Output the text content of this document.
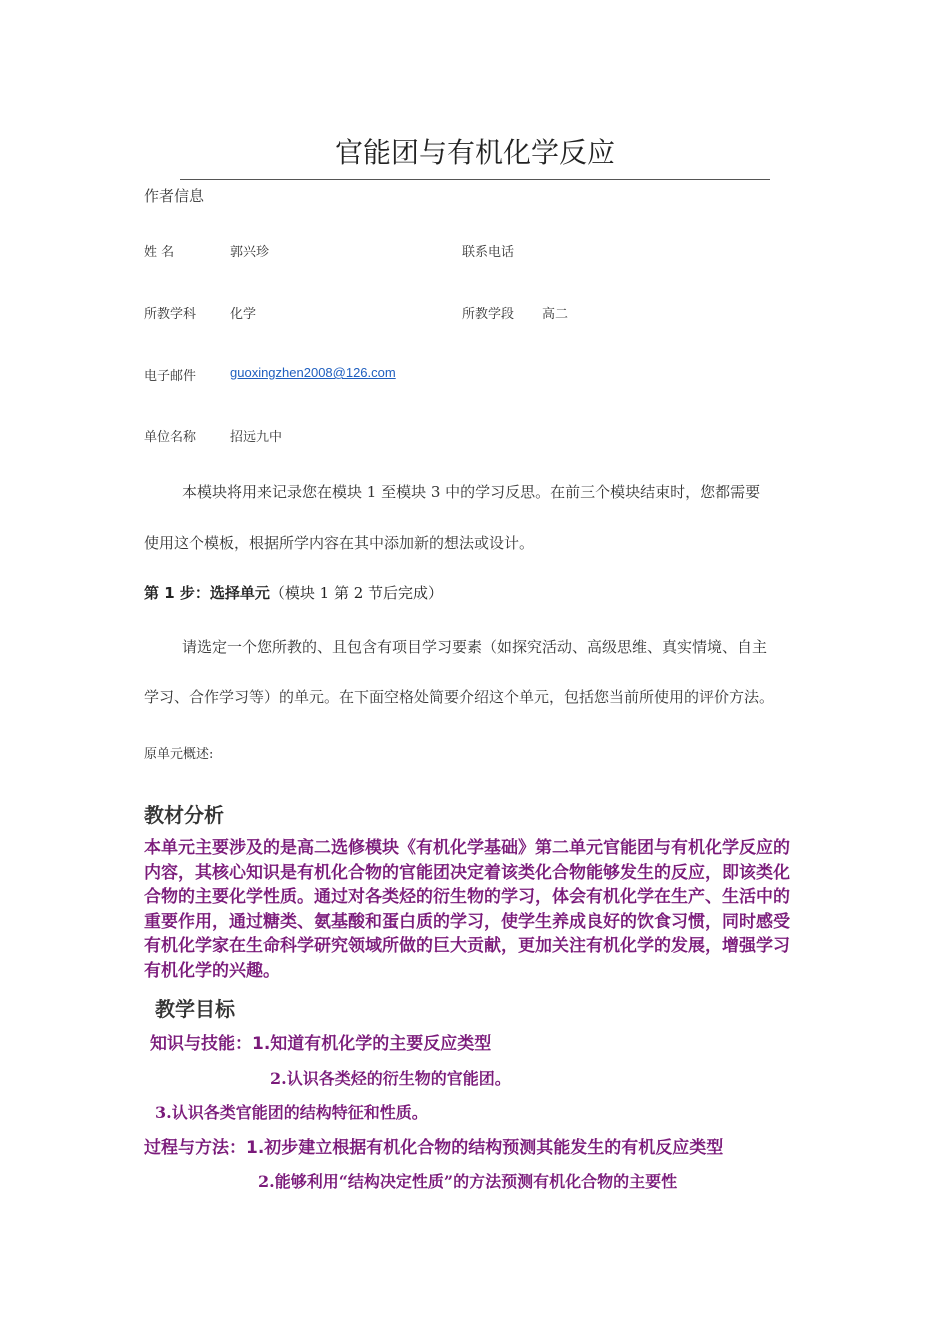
官能团与有机化学反应
作者信息
姓 名	郭兴珍	联系电话
所教学科	化学	所教学段 高二
电子邮件	guoxingzhen2008@126.com
单位名称	招远九中
本模块将用来记录您在模块 1 至模块 3 中的学习反思。在前三个模块结束时，您都需要
使用这个模板，根据所学内容在其中添加新的想法或设计。
第 1 步：选择单元（模块 1 第 2 节后完成）
请选定一个您所教的、且包含有项目学习要素（如探究活动、高级思维、真实情境、自主
学习、合作学习等）的单元。在下面空格处简要介绍这个单元，包括您当前所使用的评价方法。
原单元概述:
教材分析
本单元主要涉及的是高二选修模块《有机化学基础》第二单元官能团与有机化学反应的内容，其核心知识是有机化合物的官能团决定着该类化合物能够发生的反应，即该类化合物的主要化学性质。通过对各类烃的衍生物的学习，体会有机化学在生产、生活中的重要作用，通过糖类、氨基酸和蛋白质的学习，使学生养成良好的饮食习惯，同时感受有机化学家在生命科学研究领域所做的巨大贡献，更加关注有机化学的发展，增强学习有机化学的兴趣。
教学目标
知识与技能：1.知道有机化学的主要反应类型
2.认识各类烃的衍生物的官能团。
3.认识各类官能团的结构特征和性质。
过程与方法：1.初步建立根据有机化合物的结构预测其能发生的有机反应类型
2.能够利用“结构决定性质”的方法预测有机化合物的主要性
